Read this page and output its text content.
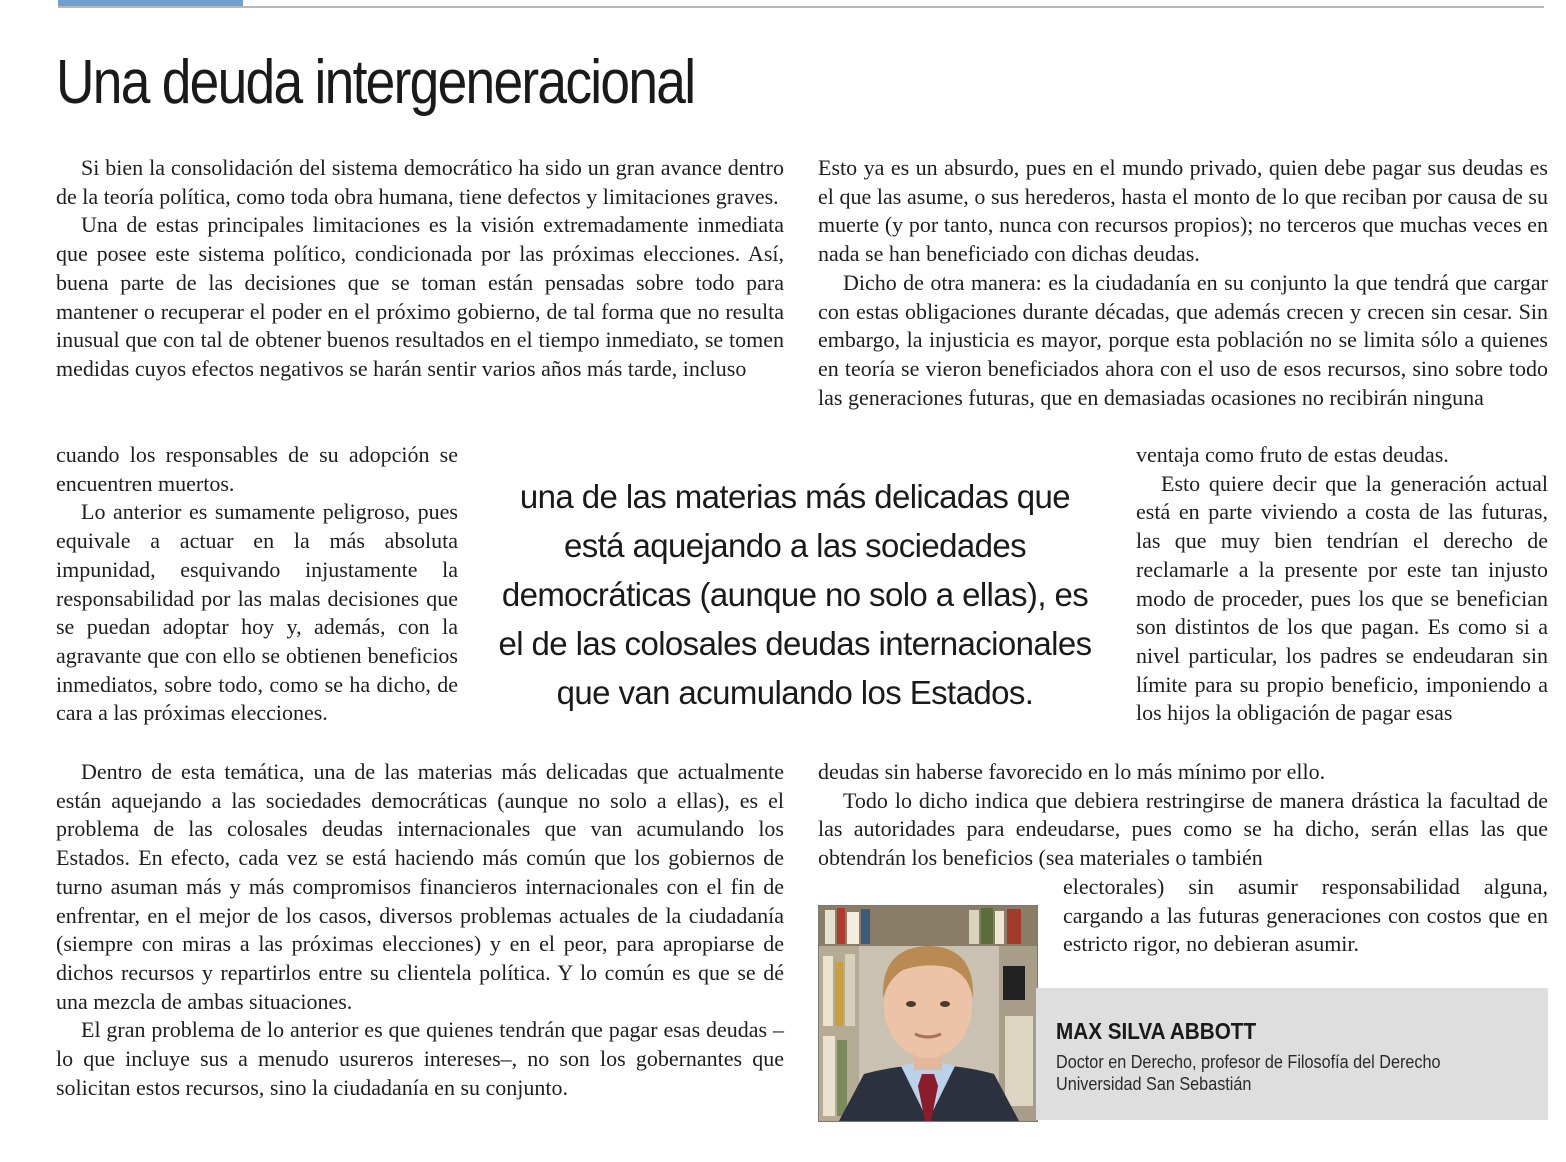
Una deuda intergeneracional

Si bien la consolidación del sistema democrático ha sido un gran avance dentro de la teoría política, como toda obra humana, tiene defectos y limitaciones graves.

Una de estas principales limitaciones es la visión extremadamente inmediata que posee este sistema político, condicionada por las próximas elecciones. Así, buena parte de las decisiones que se toman están pensadas sobre todo para mantener o recuperar el poder en el próximo gobierno, de tal forma que no resulta inusual que con tal de obtener buenos resultados en el tiempo inmediato, se tomen medidas cuyos efectos negativos se harán sentir varios años más tarde, incluso

cuando los responsables de su adopción se encuentren muertos.

Lo anterior es sumamente peligroso, pues equivale a actuar en la más absoluta impunidad, esquivando injustamente la responsabilidad por las malas decisiones que se puedan adoptar hoy y, además, con la agravante que con ello se obtienen beneficios inmediatos, sobre todo, como se ha dicho, de cara a las próximas elecciones.

Dentro de esta temática, una de las materias más delicadas que actualmente están aquejando a las sociedades democráticas (aunque no solo a ellas), es el problema de las colosales deudas internacionales que van acumulando los Estados. En efecto, cada vez se está haciendo más común que los gobiernos de turno asuman más y más compromisos financieros internacionales con el fin de enfrentar, en el mejor de los casos, diversos problemas actuales de la ciudadanía (siempre con miras a las próximas elecciones) y en el peor, para apropiarse de dichos recursos y repartirlos entre su clientela política. Y lo común es que se dé una mezcla de ambas situaciones.

El gran problema de lo anterior es que quienes tendrán que pagar esas deudas –lo que incluye sus a menudo usureros intereses–, no son los gobernantes que solicitan estos recursos, sino la ciudadanía en su conjunto.

Esto ya es un absurdo, pues en el mundo privado, quien debe pagar sus deudas es el que las asume, o sus herederos, hasta el monto de lo que reciban por causa de su muerte (y por tanto, nunca con recursos propios); no terceros que muchas veces en nada se han beneficiado con dichas deudas.

Dicho de otra manera: es la ciudadanía en su conjunto la que tendrá que cargar con estas obligaciones durante décadas, que además crecen y crecen sin cesar. Sin embargo, la injusticia es mayor, porque esta población no se limita sólo a quienes en teoría se vieron beneficiados ahora con el uso de esos recursos, sino sobre todo las generaciones futuras, que en demasiadas ocasiones no recibirán ninguna

ventaja como fruto de estas deudas.

Esto quiere decir que la generación actual está en parte viviendo a costa de las futuras, las que muy bien tendrían el derecho de reclamarle a la presente por este tan injusto modo de proceder, pues los que se benefician son distintos de los que pagan. Es como si a nivel particular, los padres se endeudaran sin límite para su propio beneficio, imponiendo a los hijos la obligación de pagar esas

deudas sin haberse favorecido en lo más mínimo por ello.

Todo lo dicho indica que debiera restringirse de manera drástica la facultad de las autoridades para endeudarse, pues como se ha dicho, serán ellas las que obtendrán los beneficios (sea materiales o también

electorales) sin asumir responsabilidad alguna, cargando a las futuras generaciones con costos que en estricto rigor, no debieran asumir.

una de las materias más delicadas que
está aquejando a las sociedades
democráticas (aunque no solo a ellas), es
el de las colosales deudas internacionales
que van acumulando los Estados.
MAX SILVA ABBOTT
Doctor en Derecho, profesor de Filosofía del Derecho
Universidad San Sebastián
